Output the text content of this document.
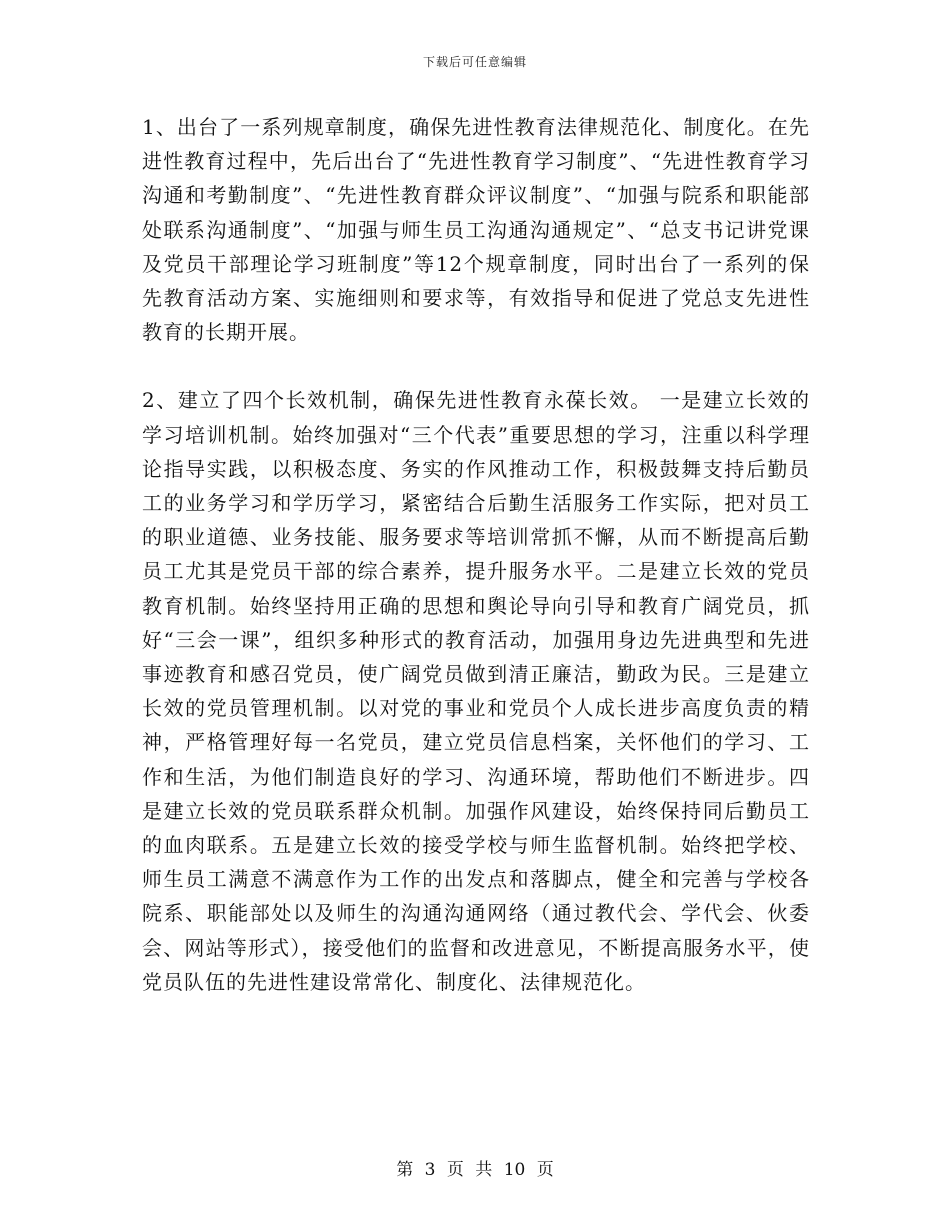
下载后可任意编辑

1、出台了一系列规章制度，确保先进性教育法律规范化、制度化。在先进性教育过程中，先后出台了“先进性教育学习制度”、“先进性教育学习沟通和考勤制度”、“先进性教育群众评议制度”、“加强与院系和职能部处联系沟通制度”、“加强与师生员工沟通沟通规定”、“总支书记讲党课及党员干部理论学习班制度”等12个规章制度，同时出台了一系列的保先教育活动方案、实施细则和要求等，有效指导和促进了党总支先进性教育的长期开展。

2、建立了四个长效机制，确保先进性教育永葆长效。 一是建立长效的学习培训机制。始终加强对“三个代表”重要思想的学习，注重以科学理论指导实践，以积极态度、务实的作风推动工作，积极鼓舞支持后勤员工的业务学习和学历学习，紧密结合后勤生活服务工作实际，把对员工的职业道德、业务技能、服务要求等培训常抓不懈，从而不断提高后勤员工尤其是党员干部的综合素养，提升服务水平。二是建立长效的党员教育机制。始终坚持用正确的思想和舆论导向引导和教育广阔党员，抓好“三会一课”，组织多种形式的教育活动，加强用身边先进典型和先进事迹教育和感召党员，使广阔党员做到清正廉洁，勤政为民。三是建立长效的党员管理机制。以对党的事业和党员个人成长进步高度负责的精神，严格管理好每一名党员，建立党员信息档案，关怀他们的学习、工作和生活，为他们制造良好的学习、沟通环境，帮助他们不断进步。四是建立长效的党员联系群众机制。加强作风建设，始终保持同后勤员工的血肉联系。五是建立长效的接受学校与师生监督机制。始终把学校、师生员工满意不满意作为工作的出发点和落脚点，健全和完善与学校各院系、职能部处以及师生的沟通沟通网络（通过教代会、学代会、伙委会、网站等形式），接受他们的监督和改进意见，不断提高服务水平，使党员队伍的先进性建设常常化、制度化、法律规范化。

第 3 页 共 10 页
